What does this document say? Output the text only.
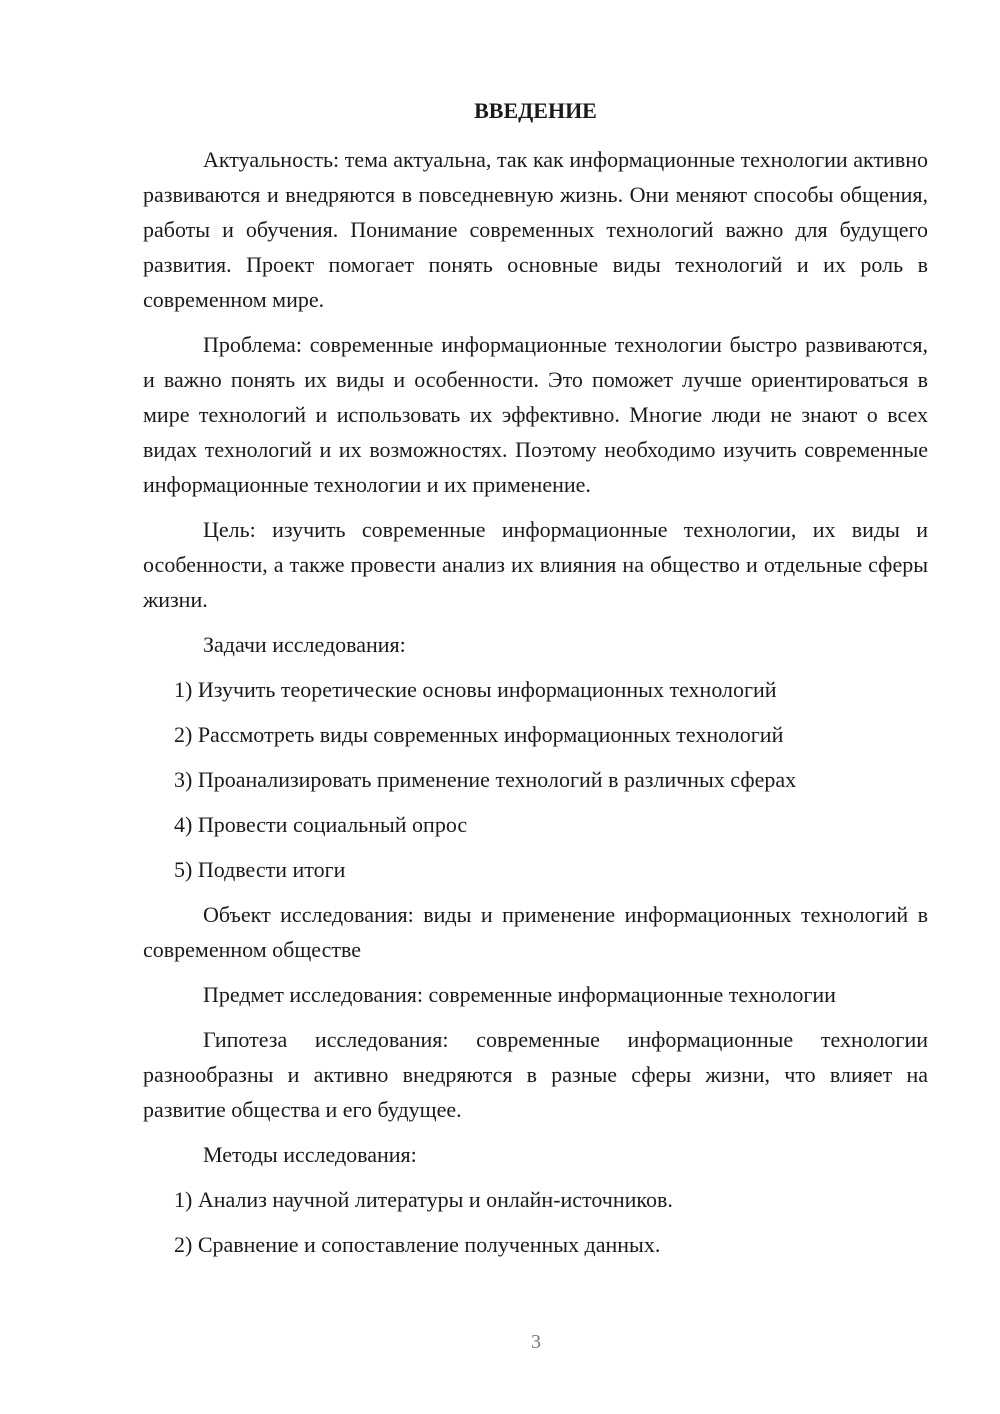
ВВЕДЕНИЕ

Актуальность: тема актуальна, так как информационные технологии активно развиваются и внедряются в повседневную жизнь. Они меняют способы общения, работы и обучения. Понимание современных технологий важно для будущего развития. Проект помогает понять основные виды технологий и их роль в современном мире.

Проблема: современные информационные технологии быстро развиваются, и важно понять их виды и особенности. Это поможет лучше ориентироваться в мире технологий и использовать их эффективно. Многие люди не знают о всех видах технологий и их возможностях. Поэтому необходимо изучить современные информационные технологии и их применение.

Цель: изучить современные информационные технологии, их виды и особенности, а также провести анализ их влияния на общество и отдельные сферы жизни.

Задачи исследования:

1) Изучить теоретические основы информационных технологий

2) Рассмотреть виды современных информационных технологий

3) Проанализировать применение технологий в различных сферах

4) Провести социальный опрос

5) Подвести итоги

Объект исследования: виды и применение информационных технологий в современном обществе

Предмет исследования: современные информационные технологии

Гипотеза исследования: современные информационные технологии разнообразны и активно внедряются в разные сферы жизни, что влияет на развитие общества и его будущее.

Методы исследования:

1) Анализ научной литературы и онлайн-источников.

2) Сравнение и сопоставление полученных данных.

3
